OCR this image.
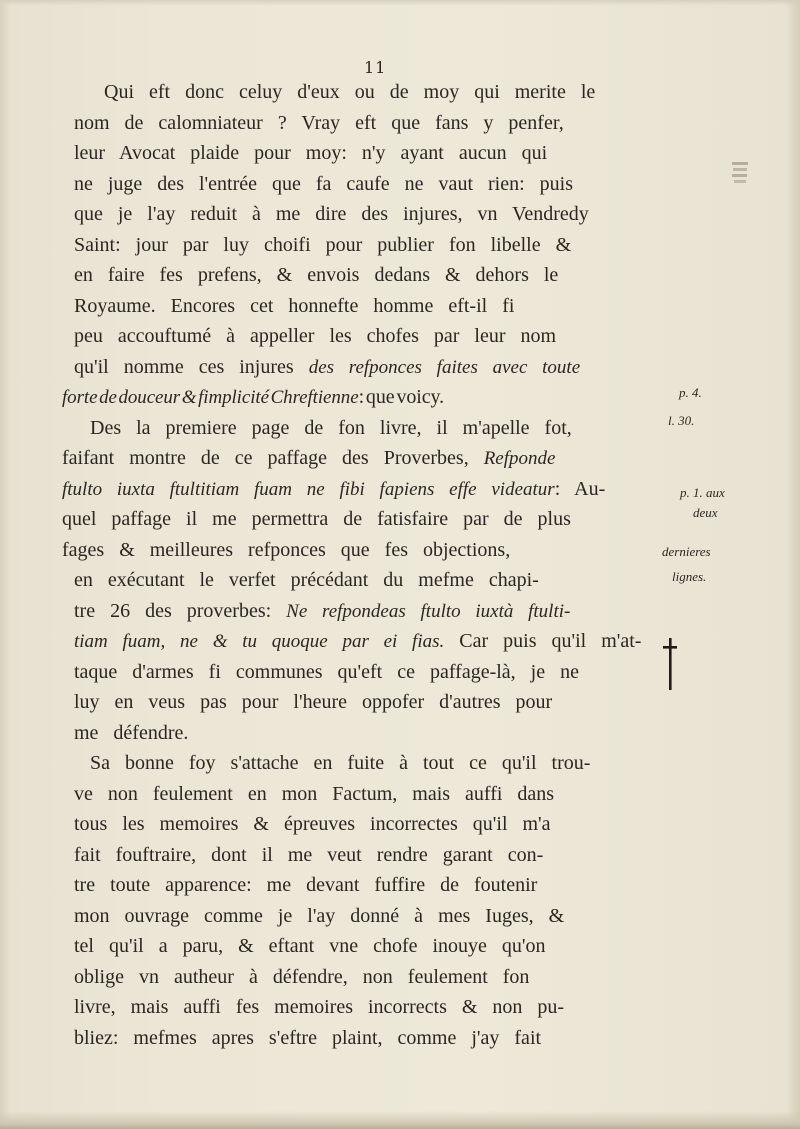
11
Qui eft donc celuy d'eux ou de moy qui merite le
nom de calomniateur ? Vray eft que fans y penfer,
leur Avocat plaide pour moy: n'y ayant aucun qui
ne juge des l'entrée que fa caufe ne vaut rien: puis
que je l'ay reduit à me dire des injures, vn Vendredy
Saint: jour par luy choifi pour publier fon libelle &
en faire fes prefens, & envois dedans & dehors le
Royaume. Encores cet honnefte homme eft-il fi
peu accouftumé à appeller les chofes par leur nom
qu'il nomme ces injures des refponces faites avec toute
forte de douceur & fimplicité Chreftienne: que voicy.
Des la premiere page de fon livre, il m'apelle fot,
faifant montre de ce paffage des Proverbes, Refponde
ftulto iuxta ftultitiam fuam ne fibi fapiens effe videatur: Au-
quel paffage il me permettra de fatisfaire par de plus
fages & meilleures refponces que fes objections,
en exécutant le verfet précédant du mefme chapi-
tre 26 des proverbes: Ne refpondeas ftulto iuxtà ftulti-
tiam fuam, ne & tu quoque par ei fias. Car puis qu'il m'at-
taque d'armes fi communes qu'eft ce paffage-là, je ne
luy en veus pas pour l'heure oppofer d'autres pour
me défendre.
Sa bonne foy s'attache en fuite à tout ce qu'il trou-
ve non feulement en mon Factum, mais auffi dans
tous les memoires & épreuves incorrectes qu'il m'a
fait fouftraire, dont il me veut rendre garant con-
tre toute apparence: me devant fuffire de foutenir
mon ouvrage comme je l'ay donné à mes Iuges, &
tel qu'il a paru, & eftant vne chofe inouye qu'on
oblige vn autheur à défendre, non feulement fon
livre, mais auffi fes memoires incorrects & non pu-
bliez: mefmes apres s'eftre plaint, comme j'ay fait
p. 4.
l. 30.
p. 1. aux
deux
dernieres
lignes.
